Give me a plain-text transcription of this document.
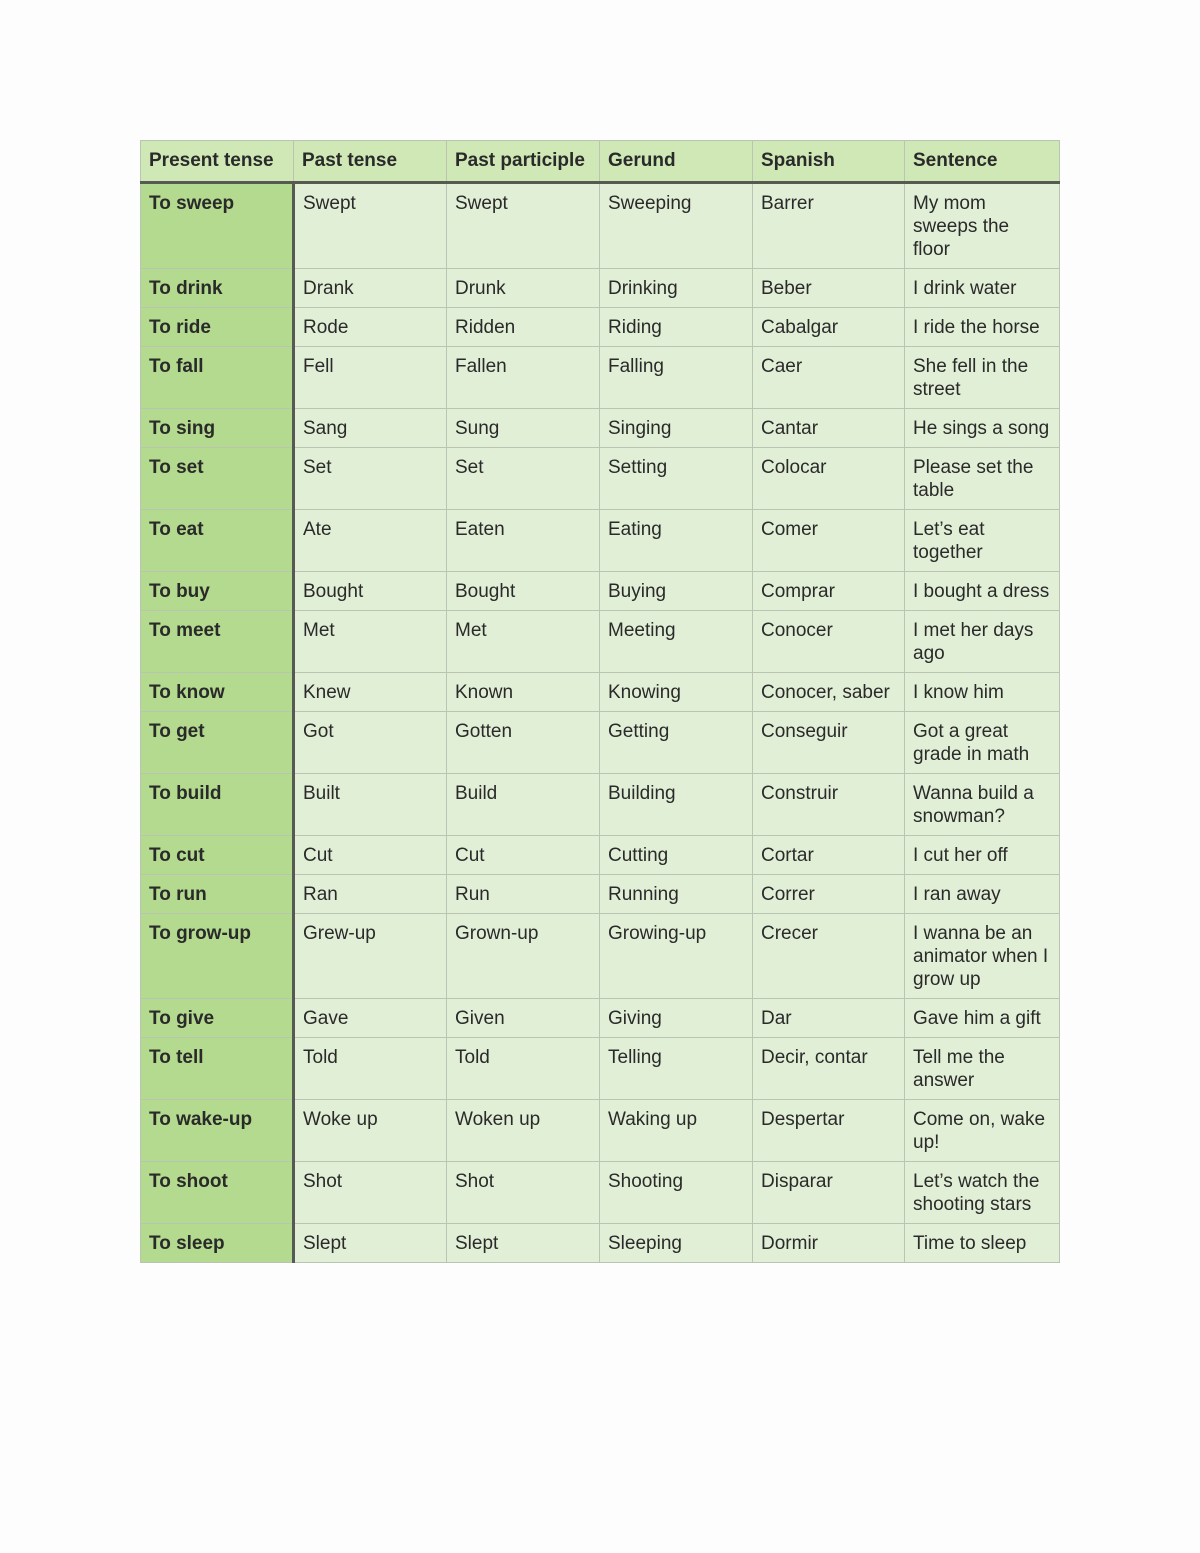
Present tense	Past tense	Past participle	Gerund	Spanish	Sentence
To sweep	Swept	Swept	Sweeping	Barrer	My mom sweeps the floor
To drink	Drank	Drunk	Drinking	Beber	I drink water
To ride	Rode	Ridden	Riding	Cabalgar	I ride the horse
To fall	Fell	Fallen	Falling	Caer	She fell in the street
To sing	Sang	Sung	Singing	Cantar	He sings a song
To set	Set	Set	Setting	Colocar	Please set the table
To eat	Ate	Eaten	Eating	Comer	Let’s eat together
To buy	Bought	Bought	Buying	Comprar	I bought a dress
To meet	Met	Met	Meeting	Conocer	I met her days ago
To know	Knew	Known	Knowing	Conocer, saber	I know him
To get	Got	Gotten	Getting	Conseguir	Got a great grade in math
To build	Built	Build	Building	Construir	Wanna build a snowman?
To cut	Cut	Cut	Cutting	Cortar	I cut her off
To run	Ran	Run	Running	Correr	I ran away
To grow-up	Grew-up	Grown-up	Growing-up	Crecer	I wanna be an animator when I grow up
To give	Gave	Given	Giving	Dar	Gave him a gift
To tell	Told	Told	Telling	Decir, contar	Tell me the answer
To wake-up	Woke up	Woken up	Waking up	Despertar	Come on, wake up!
To shoot	Shot	Shot	Shooting	Disparar	Let’s watch the shooting stars
To sleep	Slept	Slept	Sleeping	Dormir	Time to sleep
